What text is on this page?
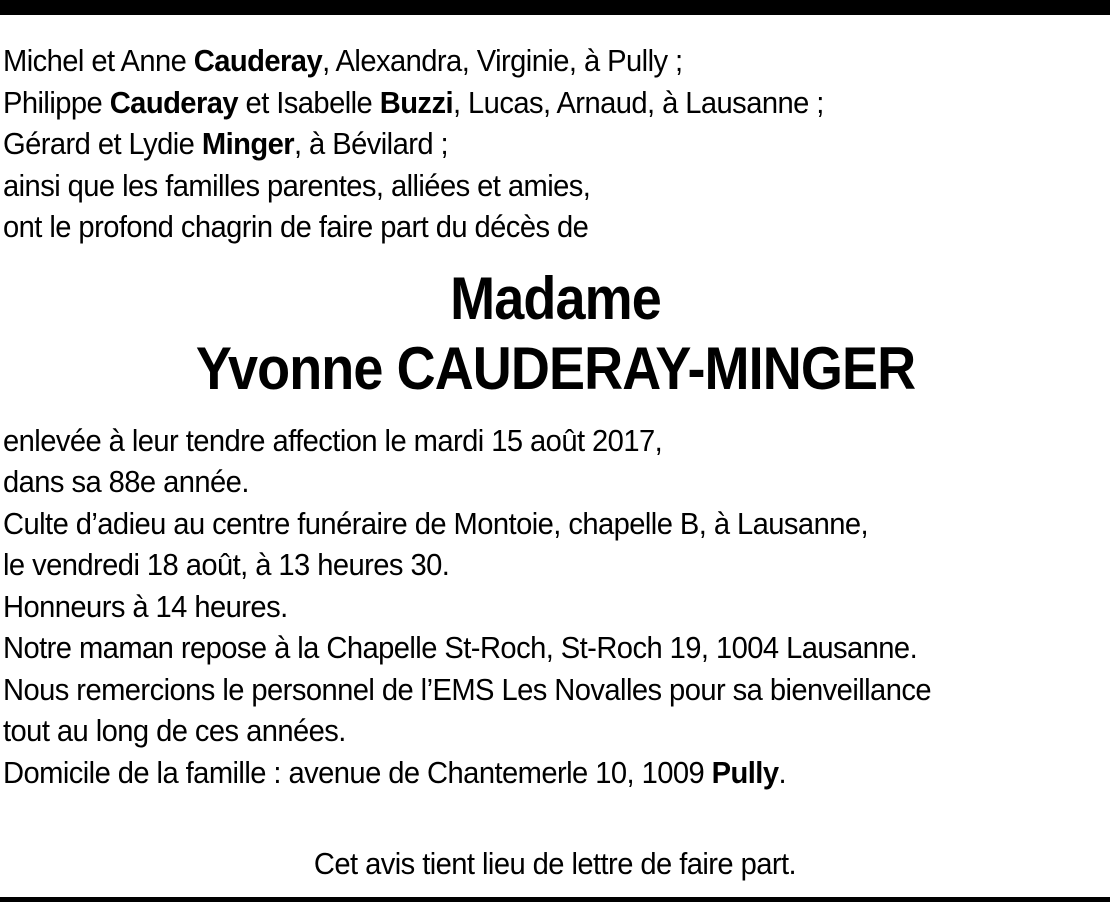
Michel et Anne Cauderay, Alexandra, Virginie, à Pully ;
Philippe Cauderay et Isabelle Buzzi, Lucas, Arnaud, à Lausanne ;
Gérard et Lydie Minger, à Bévilard ;
ainsi que les familles parentes, alliées et amies,
ont le profond chagrin de faire part du décès de
Madame
Yvonne CAUDERAY-MINGER
enlevée à leur tendre affection le mardi 15 août 2017,
dans sa 88e année.
Culte d’adieu au centre funéraire de Montoie, chapelle B, à Lausanne,
le vendredi 18 août, à 13 heures 30.
Honneurs à 14 heures.
Notre maman repose à la Chapelle St-Roch, St-Roch 19, 1004 Lausanne.
Nous remercions le personnel de l’EMS Les Novalles pour sa bienveillance
tout au long de ces années.
Domicile de la famille : avenue de Chantemerle 10, 1009 Pully.
Cet avis tient lieu de lettre de faire part.
